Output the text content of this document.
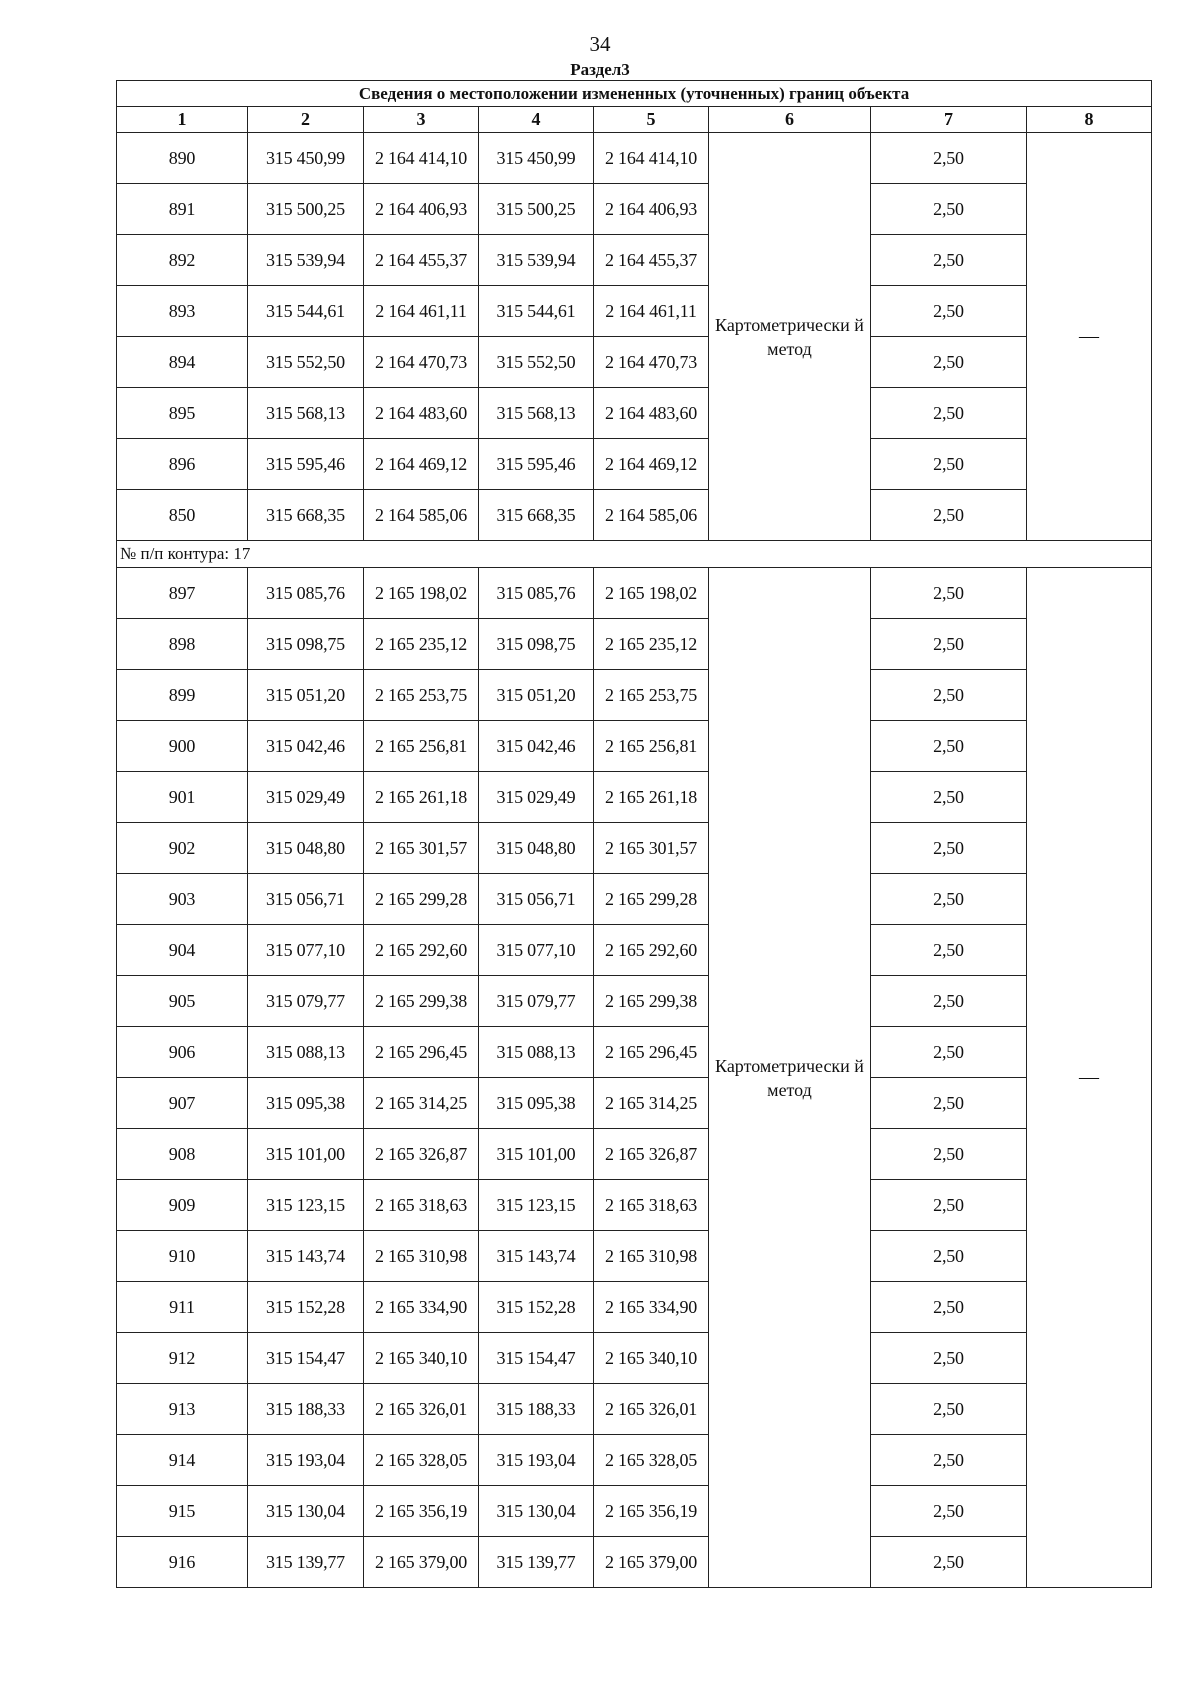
34
Раздел3
Сведения о местоположении измененных (уточненных) границ объекта							
1	2	3	4	5	6	7	8
890	315 450,99	2 164 414,10	315 450,99	2 164 414,10	Картометрически й метод	2,50	—
891	315 500,25	2 164 406,93	315 500,25	2 164 406,93		2,50	
892	315 539,94	2 164 455,37	315 539,94	2 164 455,37		2,50	
893	315 544,61	2 164 461,11	315 544,61	2 164 461,11		2,50	
894	315 552,50	2 164 470,73	315 552,50	2 164 470,73		2,50	
895	315 568,13	2 164 483,60	315 568,13	2 164 483,60		2,50	
896	315 595,46	2 164 469,12	315 595,46	2 164 469,12		2,50	
850	315 668,35	2 164 585,06	315 668,35	2 164 585,06		2,50	
№ п/п контура: 17							
897	315 085,76	2 165 198,02	315 085,76	2 165 198,02	Картометрически й метод	2,50	—
898	315 098,75	2 165 235,12	315 098,75	2 165 235,12		2,50	
899	315 051,20	2 165 253,75	315 051,20	2 165 253,75		2,50	
900	315 042,46	2 165 256,81	315 042,46	2 165 256,81		2,50	
901	315 029,49	2 165 261,18	315 029,49	2 165 261,18		2,50	
902	315 048,80	2 165 301,57	315 048,80	2 165 301,57		2,50	
903	315 056,71	2 165 299,28	315 056,71	2 165 299,28		2,50	
904	315 077,10	2 165 292,60	315 077,10	2 165 292,60		2,50	
905	315 079,77	2 165 299,38	315 079,77	2 165 299,38		2,50	
906	315 088,13	2 165 296,45	315 088,13	2 165 296,45		2,50	
907	315 095,38	2 165 314,25	315 095,38	2 165 314,25		2,50	
908	315 101,00	2 165 326,87	315 101,00	2 165 326,87		2,50	
909	315 123,15	2 165 318,63	315 123,15	2 165 318,63		2,50	
910	315 143,74	2 165 310,98	315 143,74	2 165 310,98		2,50	
911	315 152,28	2 165 334,90	315 152,28	2 165 334,90		2,50	
912	315 154,47	2 165 340,10	315 154,47	2 165 340,10		2,50	
913	315 188,33	2 165 326,01	315 188,33	2 165 326,01		2,50	
914	315 193,04	2 165 328,05	315 193,04	2 165 328,05		2,50	
915	315 130,04	2 165 356,19	315 130,04	2 165 356,19		2,50	
916	315 139,77	2 165 379,00	315 139,77	2 165 379,00		2,50	
